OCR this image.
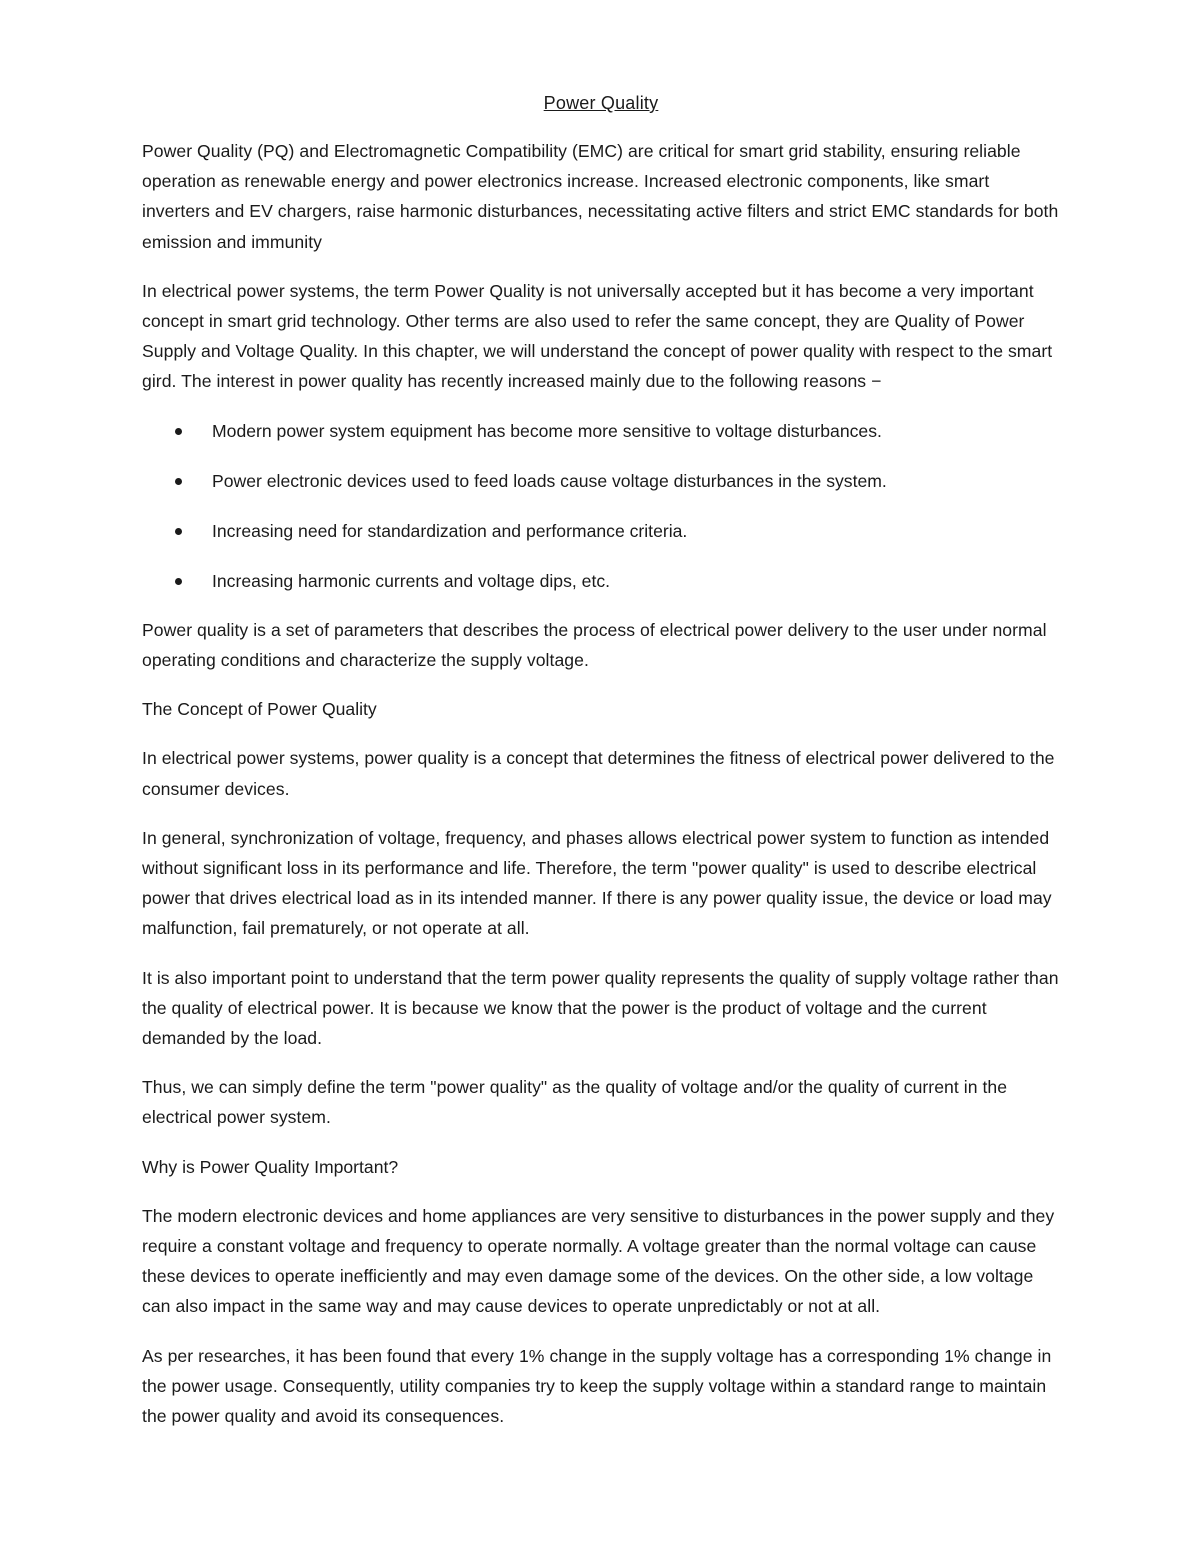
Power Quality

Power Quality (PQ) and Electromagnetic Compatibility (EMC) are critical for smart grid stability, ensuring reliable operation as renewable energy and power electronics increase. Increased electronic components, like smart inverters and EV chargers, raise harmonic disturbances, necessitating active filters and strict EMC standards for both emission and immunity

In electrical power systems, the term Power Quality is not universally accepted but it has become a very important concept in smart grid technology. Other terms are also used to refer the same concept, they are Quality of Power Supply and Voltage Quality. In this chapter, we will understand the concept of power quality with respect to the smart gird. The interest in power quality has recently increased mainly due to the following reasons −

Modern power system equipment has become more sensitive to voltage disturbances.
Power electronic devices used to feed loads cause voltage disturbances in the system.
Increasing need for standardization and performance criteria.
Increasing harmonic currents and voltage dips, etc.

Power quality is a set of parameters that describes the process of electrical power delivery to the user under normal operating conditions and characterize the supply voltage.

The Concept of Power Quality

In electrical power systems, power quality is a concept that determines the fitness of electrical power delivered to the consumer devices.

In general, synchronization of voltage, frequency, and phases allows electrical power system to function as intended without significant loss in its performance and life. Therefore, the term "power quality" is used to describe electrical power that drives electrical load as in its intended manner. If there is any power quality issue, the device or load may malfunction, fail prematurely, or not operate at all.

It is also important point to understand that the term power quality represents the quality of supply voltage rather than the quality of electrical power. It is because we know that the power is the product of voltage and the current demanded by the load.

Thus, we can simply define the term "power quality" as the quality of voltage and/or the quality of current in the electrical power system.

Why is Power Quality Important?

The modern electronic devices and home appliances are very sensitive to disturbances in the power supply and they require a constant voltage and frequency to operate normally. A voltage greater than the normal voltage can cause these devices to operate inefficiently and may even damage some of the devices. On the other side, a low voltage can also impact in the same way and may cause devices to operate unpredictably or not at all.

As per researches, it has been found that every 1% change in the supply voltage has a corresponding 1% change in the power usage. Consequently, utility companies try to keep the supply voltage within a standard range to maintain the power quality and avoid its consequences.
